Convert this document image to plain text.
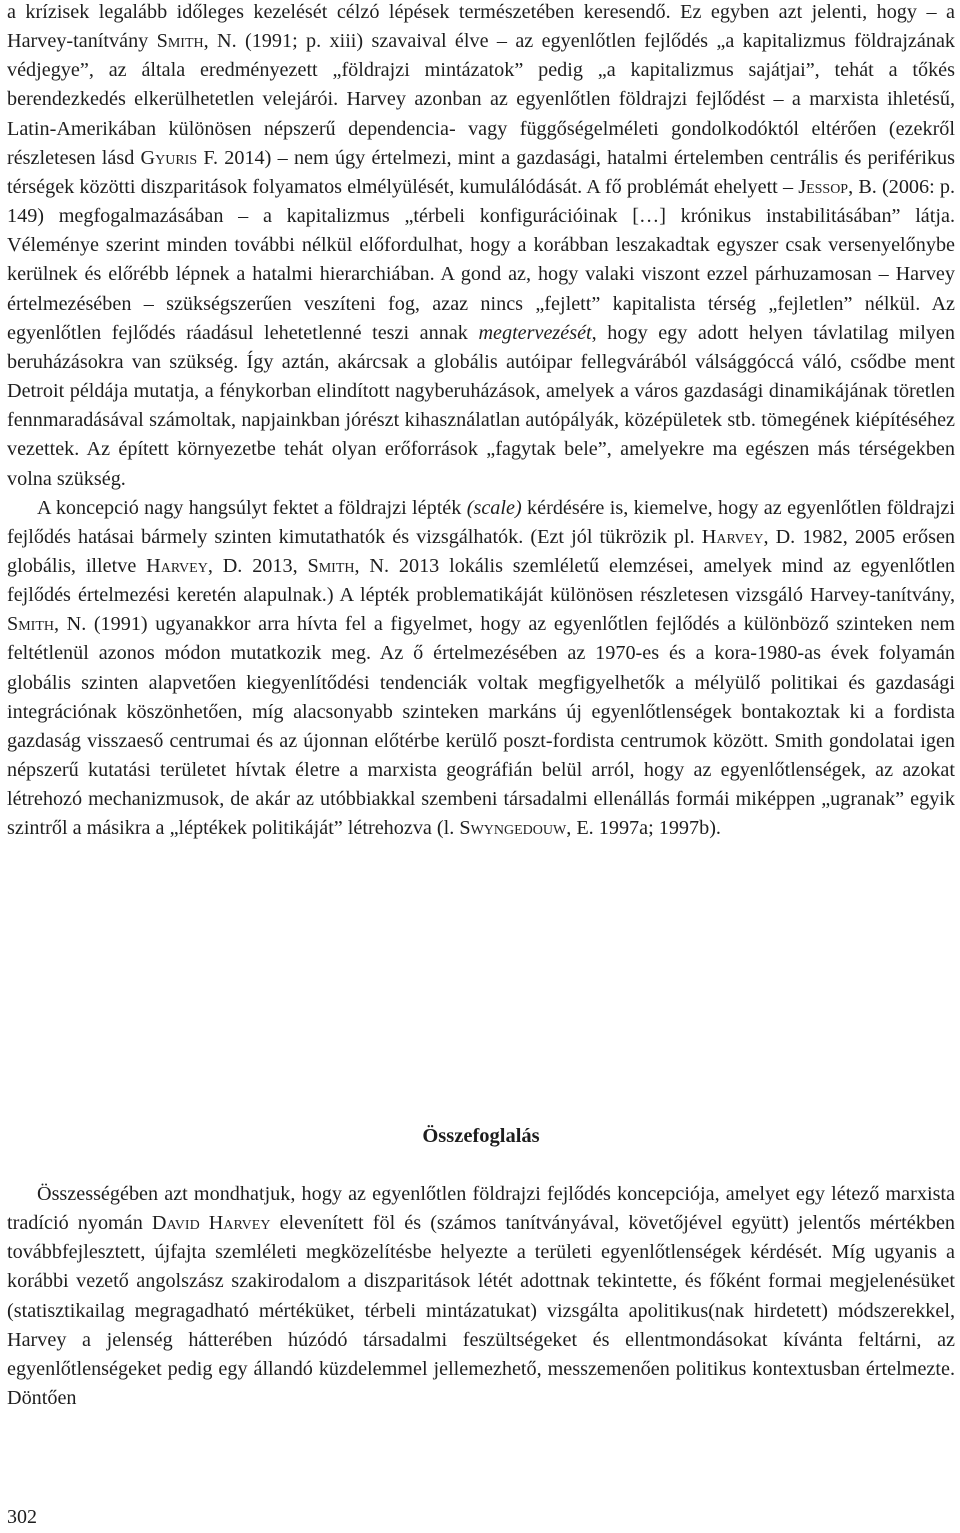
a krízisek legalább időleges kezelését célzó lépések természetében keresendő. Ez egyben azt jelenti, hogy – a Harvey-tanítvány Smith, N. (1991; p. xiii) szavaival élve – az egyenlőtlen fejlődés „a kapitalizmus földrajzának védjegye”, az általa eredményezett „földrajzi mintázatok” pedig „a kapitalizmus sajátjai”, tehát a tőkés berendezkedés elkerülhetetlen velejárói. Harvey azonban az egyenlőtlen földrajzi fejlődést – a marxista ihletésű, Latin-Amerikában különösen népszerű dependencia- vagy függőségelméleti gondolkodóktól eltérően (ezekről részletesen lásd Gyuris F. 2014) – nem úgy értelmezi, mint a gazdasági, hatalmi értelemben centrális és periférikus térségek közötti diszparitások folyamatos elmélyülését, kumulálódását. A fő problémát ehelyett – Jessop, B. (2006: p. 149) megfogalmazásában – a kapitalizmus „térbeli konfigurációinak […] krónikus instabilitásában” látja. Véleménye szerint minden további nélkül előfordulhat, hogy a korábban leszakadtak egyszer csak versenyelőnybe kerülnek és előrébb lépnek a hatalmi hierarchiában. A gond az, hogy valaki viszont ezzel párhuzamosan – Harvey értelmezésében – szükségszerűen veszíteni fog, azaz nincs „fejlett” kapitalista térség „fejletlen” nélkül. Az egyenlőtlen fejlődés ráadásul lehetetlenné teszi annak megtervezését, hogy egy adott helyen távlatilag milyen beruházásokra van szükség. Így aztán, akárcsak a globális autóipar fellegvárából válsággóccá váló, csődbe ment Detroit példája mutatja, a fénykorban elindított nagyberuházások, amelyek a város gazdasági dinamikájának töretlen fennmaradásával számoltak, napjainkban jórészt kihasználatlan autópályák, középületek stb. tömegének kiépítéséhez vezettek. Az épített környezetbe tehát olyan erőforrások „fagytak bele”, amelyekre ma egészen más térségekben volna szükség.

A koncepció nagy hangsúlyt fektet a földrajzi lépték (scale) kérdésére is, kiemelve, hogy az egyenlőtlen földrajzi fejlődés hatásai bármely szinten kimutathatók és vizsgálhatók. (Ezt jól tükrözik pl. Harvey, D. 1982, 2005 erősen globális, illetve Harvey, D. 2013, Smith, N. 2013 lokális szemléletű elemzései, amelyek mind az egyenlőtlen fejlődés értelmezési keretén alapulnak.) A lépték problematikáját különösen részletesen vizsgáló Harvey-tanítvány, Smith, N. (1991) ugyanakkor arra hívta fel a figyelmet, hogy az egyenlőtlen fejlődés a különböző szinteken nem feltétlenül azonos módon mutatkozik meg. Az ő értelmezésében az 1970-es és a kora-1980-as évek folyamán globális szinten alapvetően kiegyenlítődési tendenciák voltak megfigyelhetők a mélyülő politikai és gazdasági integrációnak köszönhetően, míg alacsonyabb szinteken markáns új egyenlőtlenségek bontakoztak ki a fordista gazdaság visszaeső centrumai és az újonnan előtérbe kerülő poszt-fordista centrumok között. Smith gondolatai igen népszerű kutatási területet hívtak életre a marxista geográfián belül arról, hogy az egyenlőtlenségek, az azokat létrehozó mechanizmusok, de akár az utóbbiakkal szembeni társadalmi ellenállás formái miképpen „ugranak” egyik szintről a másikra a „léptékek politikáját” létrehozva (l. Swyngedouw, E. 1997a; 1997b).

Összefoglalás

Összességében azt mondhatjuk, hogy az egyenlőtlen földrajzi fejlődés koncepciója, amelyet egy létező marxista tradíció nyomán David Harvey elevenített föl és (számos tanítványával, követőjével együtt) jelentős mértékben továbbfejlesztett, újfajta szemléleti megközelítésbe helyezte a területi egyenlőtlenségek kérdését. Míg ugyanis a korábbi vezető angolszász szakirodalom a diszparitások létét adottnak tekintette, és főként formai megjelenésüket (statisztikailag megragadható mértéküket, térbeli mintázatukat) vizsgálta apolitikus(nak hirdetett) módszerekkel, Harvey a jelenség hátterében húzódó társadalmi feszültségeket és ellentmondásokat kívánta feltárni, az egyenlőtlenségeket pedig egy állandó küzdelemmel jellemezhető, messzemenően politikus kontextusban értelmezte. Döntően

302
